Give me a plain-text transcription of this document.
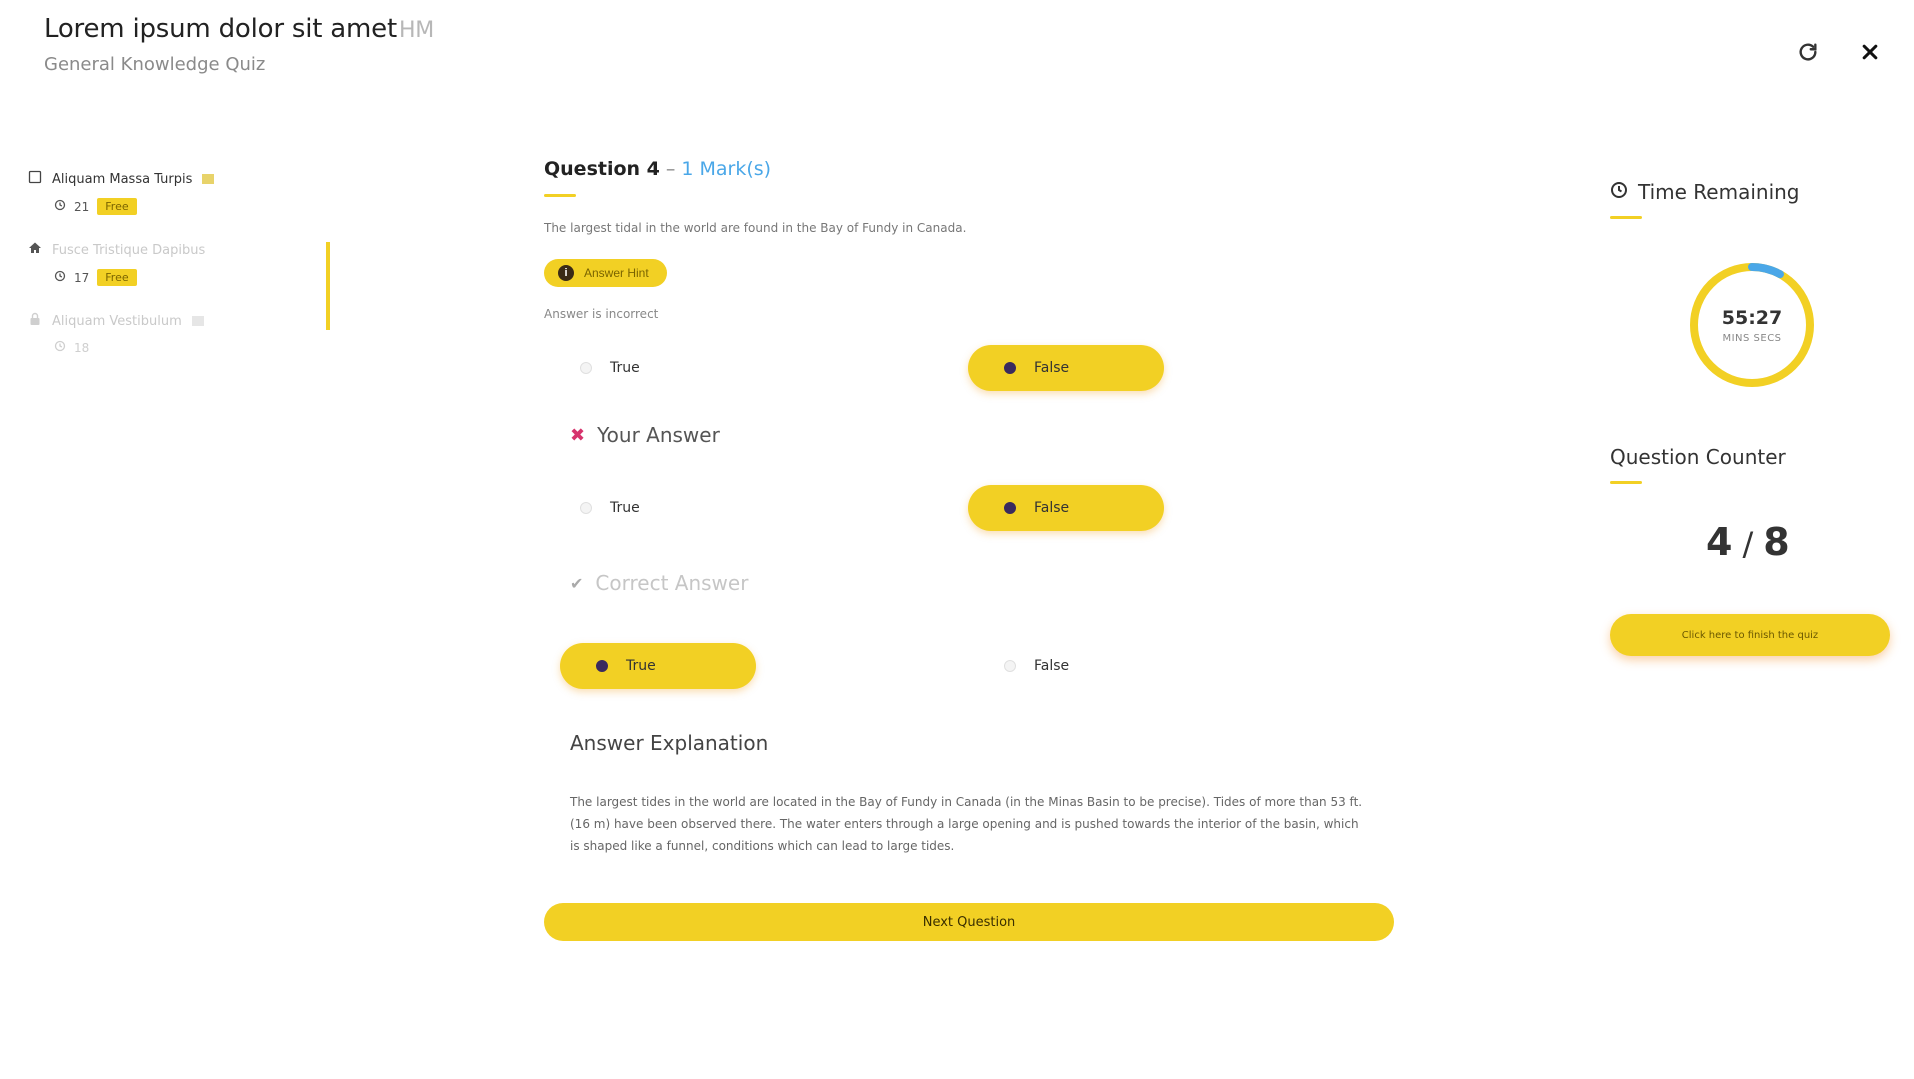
Lorem ipsum dolor sit ametHM
General Knowledge Quiz
Aliquam Massa Turpis
21	Free
Fusce Tristique Dapibus
17	Free
Aliquam Vestibulum
18
Question 4 – 1 Mark(s)
The largest tidal in the world are found in the Bay of Fundy in Canada.
i	Answer Hint
Answer is incorrect
True	False
✖ Your Answer
True	False
✔ Correct Answer
True	False
Answer Explanation
The largest tides in the world are located in the Bay of Fundy in Canada (in the Minas Basin to be precise). Tides of more than 53 ft. (16 m) have been observed there. The water enters through a large opening and is pushed towards the interior of the basin, which is shaped like a funnel, conditions which can lead to large tides.
Next Question
Time Remaining
55:27
MINS SECS
Question Counter
4 / 8
Click here to finish the quiz
